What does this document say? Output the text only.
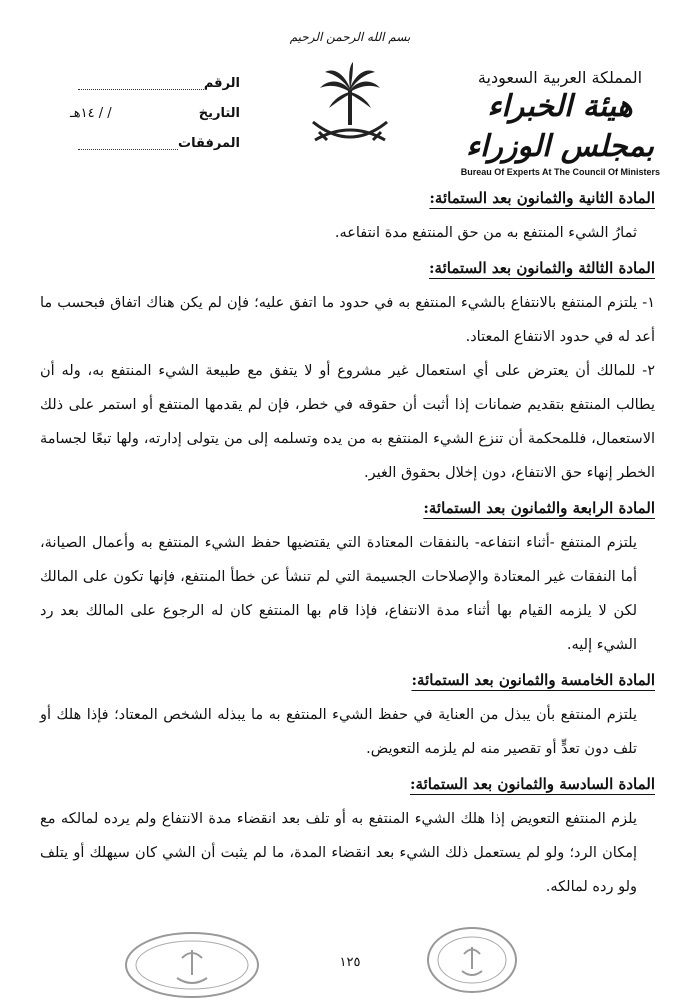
الرقم
التاريخ
/ / ١٤هـ
المرفقات
بسم الله الرحمن الرحيم
المملكة العربية السعودية
هيئة الخبراء بمجلس الوزراء
Bureau Of Experts At The Council Of Ministers
المادة الثانية والثمانون بعد الستمائة:

ثمارُ الشيء المنتفع به من حق المنتفع مدة انتفاعه.

المادة الثالثة والثمانون بعد الستمائة:

١- يلتزم المنتفع بالانتفاع بالشيء المنتفع به في حدود ما اتفق عليه؛ فإن لم يكن هناك اتفاق فبحسب ما أعد له في حدود الانتفاع المعتاد.

٢- للمالك أن يعترض على أي استعمال غير مشروع أو لا يتفق مع طبيعة الشيء المنتفع به، وله أن يطالب المنتفع بتقديم ضمانات إذا أثبت أن حقوقه في خطر، فإن لم يقدمها المنتفع أو استمر على ذلك الاستعمال، فللمحكمة أن تنزع الشيء المنتفع به من يده وتسلمه إلى من يتولى إدارته، ولها تبعًا لجسامة الخطر إنهاء حق الانتفاع، دون إخلال بحقوق الغير.

المادة الرابعة والثمانون بعد الستمائة:

يلتزم المنتفع -أثناء انتفاعه- بالنفقات المعتادة التي يقتضيها حفظ الشيء المنتفع به وأعمال الصيانة، أما النفقات غير المعتادة والإصلاحات الجسيمة التي لم تنشأ عن خطأ المنتفع، فإنها تكون على المالك لكن لا يلزمه القيام بها أثناء مدة الانتفاع، فإذا قام بها المنتفع كان له الرجوع على المالك بعد رد الشيء إليه.

المادة الخامسة والثمانون بعد الستمائة:

يلتزم المنتفع بأن يبذل من العناية في حفظ الشيء المنتفع به ما يبذله الشخص المعتاد؛ فإذا هلك أو تلف دون تعدٍّ أو تقصير منه لم يلزمه التعويض.

المادة السادسة والثمانون بعد الستمائة:

يلزم المنتفع التعويض إذا هلك الشيء المنتفع به أو تلف بعد انقضاء مدة الانتفاع ولم يرده لمالكه مع إمكان الرد؛ ولو لم يستعمل ذلك الشيء بعد انقضاء المدة، ما لم يثبت أن الشي كان سيهلك أو يتلف ولو رده لمالكه.

١٢٥
